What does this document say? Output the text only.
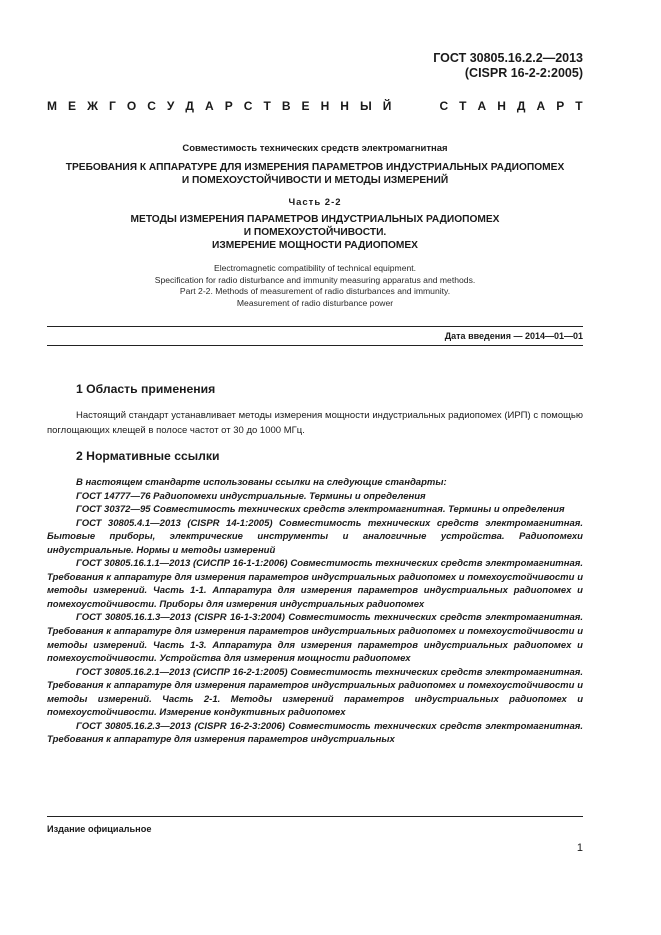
ГОСТ 30805.16.2.2—2013
(CISPR 16-2-2:2005)
М Е Ж Г О С У Д А Р С Т В Е Н Н Ы Й	С Т А Н Д А Р Т
Совместимость технических средств электромагнитная
ТРЕБОВАНИЯ К АППАРАТУРЕ ДЛЯ ИЗМЕРЕНИЯ ПАРАМЕТРОВ ИНДУСТРИАЛЬНЫХ РАДИОПОМЕХ
И ПОМЕХОУСТОЙЧИВОСТИ И МЕТОДЫ ИЗМЕРЕНИЙ
Часть 2-2
МЕТОДЫ ИЗМЕРЕНИЯ ПАРАМЕТРОВ ИНДУСТРИАЛЬНЫХ РАДИОПОМЕХ
И ПОМЕХОУСТОЙЧИВОСТИ.
ИЗМЕРЕНИЕ МОЩНОСТИ РАДИОПОМЕХ
Electromagnetic compatibility of technical equipment.
Specification for radio disturbance and immunity measuring apparatus and methods.
Part 2-2. Methods of measurement of radio disturbances and immunity.
Measurement of radio disturbance power
Дата введения — 2014—01—01
1 Область применения

Настоящий стандарт устанавливает методы измерения мощности индустриальных радиопомех (ИРП) с помощью поглощающих клещей в полосе частот от 30 до 1000 МГц.

2 Нормативные ссылки

В настоящем стандарте использованы ссылки на следующие стандарты:

ГОСТ 14777—76 Радиопомехи индустриальные. Термины и определения

ГОСТ 30372—95 Совместимость технических средств электромагнитная. Термины и определения

ГОСТ 30805.4.1—2013 (CISPR 14-1:2005) Совместимость технических средств электромагнитная. Бытовые приборы, электрические инструменты и аналогичные устройства. Радиопомехи индустриальные. Нормы и методы измерений

ГОСТ 30805.16.1.1—2013 (СИСПР 16-1-1:2006) Совместимость технических средств электромагнитная. Требования к аппаратуре для измерения параметров индустриальных радиопомех и помехоустойчивости и методы измерений. Часть 1-1. Аппаратура для измерения параметров индустриальных радиопомех и помехоустойчивости. Приборы для измерения индустриальных радиопомех

ГОСТ 30805.16.1.3—2013 (CISPR 16-1-3:2004) Совместимость технических средств электромагнитная. Требования к аппаратуре для измерения параметров индустриальных радиопомех и помехоустойчивости и методы измерений. Часть 1-3. Аппаратура для измерения параметров индустриальных радиопомех и помехоустойчивости. Устройства для измерения мощности радиопомех

ГОСТ 30805.16.2.1—2013 (СИСПР 16-2-1:2005) Совместимость технических средств электромагнитная. Требования к аппаратуре для измерения параметров индустриальных радиопомех и помехоустойчивости и методы измерений. Часть 2-1. Методы измерений параметров индустриальных радиопомех и помехоустойчивости. Измерение кондуктивных радиопомех

ГОСТ 30805.16.2.3—2013 (CISPR 16-2-3:2006) Совместимость технических средств электромагнитная. Требования к аппаратуре для измерения параметров индустриальных

Издание официальное
1
